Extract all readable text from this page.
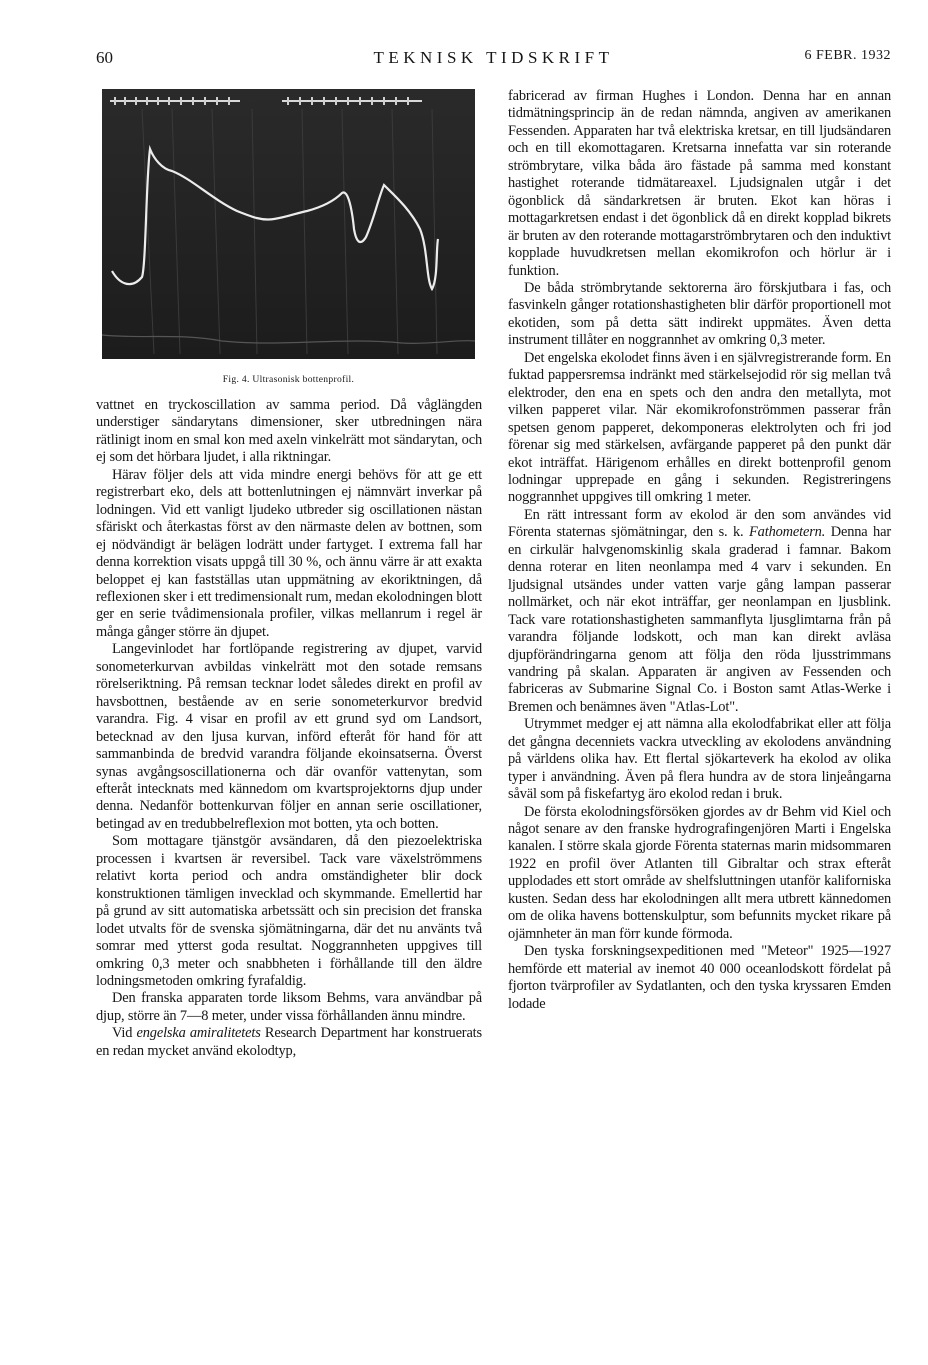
60	TEKNISK TIDSKRIFT	6 FEBR. 1932
Fig. 4. Ultrasonisk bottenprofil.

vattnet en tryckoscillation av samma period. Då våglängden understiger sändarytans dimensioner, sker utbredningen nära rätlinigt inom en smal kon med axeln vinkelrätt mot sändarytan, och ej som det hörbara ljudet, i alla riktningar.

Härav följer dels att vida mindre energi behövs för att ge ett registrerbart eko, dels att bottenlutningen ej nämnvärt inverkar på lodningen. Vid ett vanligt ljudeko utbreder sig oscillationen nästan sfäriskt och återkastas först av den närmaste delen av bottnen, som ej nödvändigt är belägen lodrätt under fartyget. I extrema fall har denna korrektion visats uppgå till 30 %, och ännu värre är att exakta beloppet ej kan fastställas utan uppmätning av ekoriktningen, då reflexionen sker i ett tredimensionalt rum, medan ekolodningen blott ger en serie tvådimensionala profiler, vilkas mellanrum i regel är många gånger större än djupet.

Langevinlodet har fortlöpande registrering av djupet, varvid sonometerkurvan avbildas vinkelrätt mot den sotade remsans rörelseriktning. På remsan tecknar lodet således direkt en profil av havsbottnen, bestående av en serie sonometerkurvor bredvid varandra. Fig. 4 visar en profil av ett grund syd om Landsort, betecknad av den ljusa kurvan, införd efteråt för hand för att sammanbinda de bredvid varandra följande ekoinsatserna. Överst synas avgångsoscillationerna och där ovanför vattenytan, som efteråt intecknats med kännedom om kvartsprojektorns djup under denna. Nedanför bottenkurvan följer en annan serie oscillationer, betingad av en tredubbelreflexion mot botten, yta och botten.

Som mottagare tjänstgör avsändaren, då den piezoelektriska processen i kvartsen är reversibel. Tack vare växelströmmens relativt korta period och andra omständigheter blir dock konstruktionen tämligen invecklad och skymmande. Emellertid har på grund av sitt automatiska arbetssätt och sin precision det franska lodet utvalts för de svenska sjömätningarna, där det nu använts två somrar med ytterst goda resultat. Noggrannheten uppgives till omkring 0,3 meter och snabbheten i förhållande till den äldre lodningsmetoden omkring fyrafaldig.

Den franska apparaten torde liksom Behms, vara användbar på djup, större än 7—8 meter, under vissa förhållanden ännu mindre.

Vid engelska amiralitetets Research Department har konstruerats en redan mycket använd ekolodtyp,

fabricerad av firman Hughes i London. Denna har en annan tidmätningsprincip än de redan nämnda, angiven av amerikanen Fessenden. Apparaten har två elektriska kretsar, en till ljudsändaren och en till ekomottagaren. Kretsarna innefatta var sin roterande strömbrytare, vilka båda äro fästade på samma med konstant hastighet roterande tidmätareaxel. Ljudsignalen utgår i det ögonblick då sändarkretsen är bruten. Ekot kan höras i mottagarkretsen endast i det ögonblick då en direkt kopplad bikrets är bruten av den roterande mottagarströmbrytaren och den induktivt kopplade huvudkretsen mellan ekomikrofon och hörlur är i funktion.

De båda strömbrytande sektorerna äro förskjutbara i fas, och fasvinkeln gånger rotationshastigheten blir därför proportionell mot ekotiden, som på detta sätt indirekt uppmätes. Även detta instrument tillåter en noggrannhet av omkring 0,3 meter.

Det engelska ekolodet finns även i en självregistrerande form. En fuktad pappersremsa indränkt med stärkelsejodid rör sig mellan två elektroder, den ena en spets och den andra den metallyta, mot vilken papperet vilar. När ekomikrofonströmmen passerar från spetsen genom papperet, dekomponeras elektrolyten och fri jod förenar sig med stärkelsen, avfärgande papperet på den punkt där ekot inträffat. Härigenom erhålles en direkt bottenprofil genom lodningar upprepade en gång i sekunden. Registreringens noggrannhet uppgives till omkring 1 meter.

En rätt intressant form av ekolod är den som användes vid Förenta staternas sjömätningar, den s. k. Fathometern. Denna har en cirkulär halvgenomskinlig skala graderad i famnar. Bakom denna roterar en liten neonlampa med 4 varv i sekunden. En ljudsignal utsändes under vatten varje gång lampan passerar nollmärket, och när ekot inträffar, ger neonlampan en ljusblink. Tack vare rotationshastigheten sammanflyta ljusglimtarna från på varandra följande lodskott, och man kan direkt avläsa djupförändringarna genom att följa den röda ljusstrimmans vandring på skalan. Apparaten är angiven av Fessenden och fabriceras av Submarine Signal Co. i Boston samt Atlas-Werke i Bremen och benämnes även "Atlas-Lot".

Utrymmet medger ej att nämna alla ekolodfabrikat eller att följa det gångna decenniets vackra utveckling av ekolodens användning på världens olika hav. Ett flertal sjökarteverk ha ekolod av olika typer i användning. Även på flera hundra av de stora linjeångarna såväl som på fiskefartyg äro ekolod redan i bruk.

De första ekolodningsförsöken gjordes av dr Behm vid Kiel och något senare av den franske hydrografingenjören Marti i Engelska kanalen. I större skala gjorde Förenta staternas marin midsommaren 1922 en profil över Atlanten till Gibraltar och strax efteråt upplodades ett stort område av shelfsluttningen utanför kaliforniska kusten. Sedan dess har ekolodningen allt mera utbrett kännedomen om de olika havens bottenskulptur, som befunnits mycket rikare på ojämnheter än man förr kunde förmoda.

Den tyska forskningsexpeditionen med "Meteor" 1925—1927 hemförde ett material av inemot 40 000 oceanlodskott fördelat på fjorton tvärprofiler av Sydatlanten, och den tyska kryssaren Emden lodade
